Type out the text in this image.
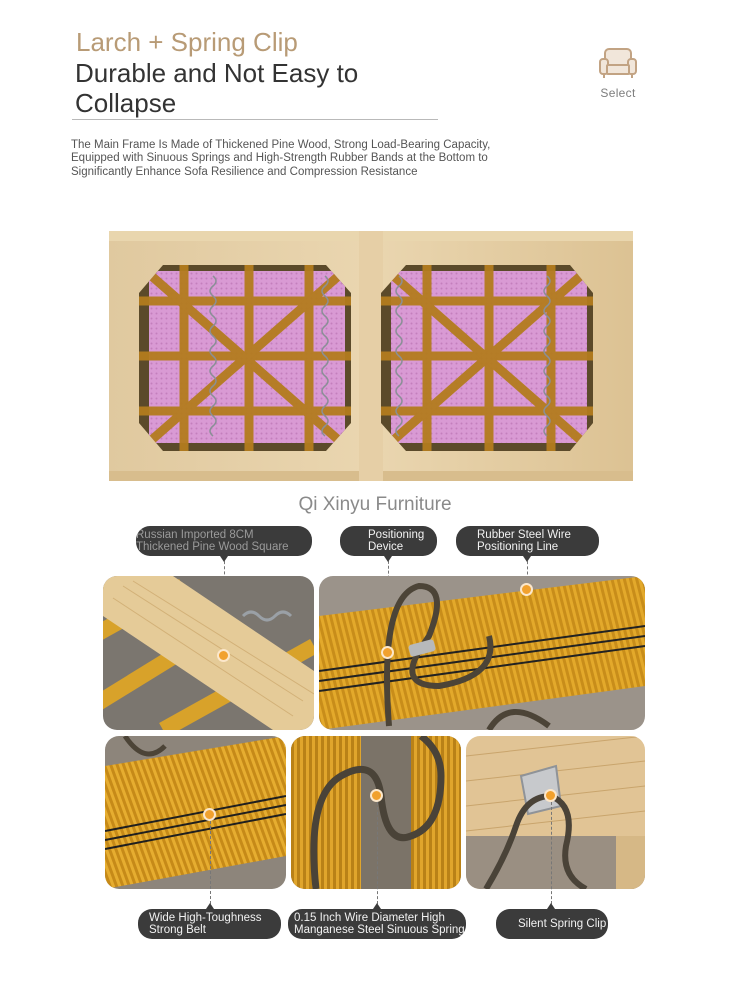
Larch + Spring Clip
Durable and Not Easy to Collapse	Select
The Main Frame Is Made of Thickened Pine Wood, Strong Load-Bearing Capacity, Equipped with Sinuous Springs and High-Strength Rubber Bands at the Bottom to Significantly Enhance Sofa Resilience and Compression Resistance
Qi Xinyu Furniture
Russian Imported 8CM
Thickened Pine Wood Square
Positioning Device
Rubber Steel Wire
Positioning Line
Wide High-Toughness
Strong Belt
0.15 Inch Wire Diameter High
Manganese Steel Sinuous Spring
Silent Spring Clip
